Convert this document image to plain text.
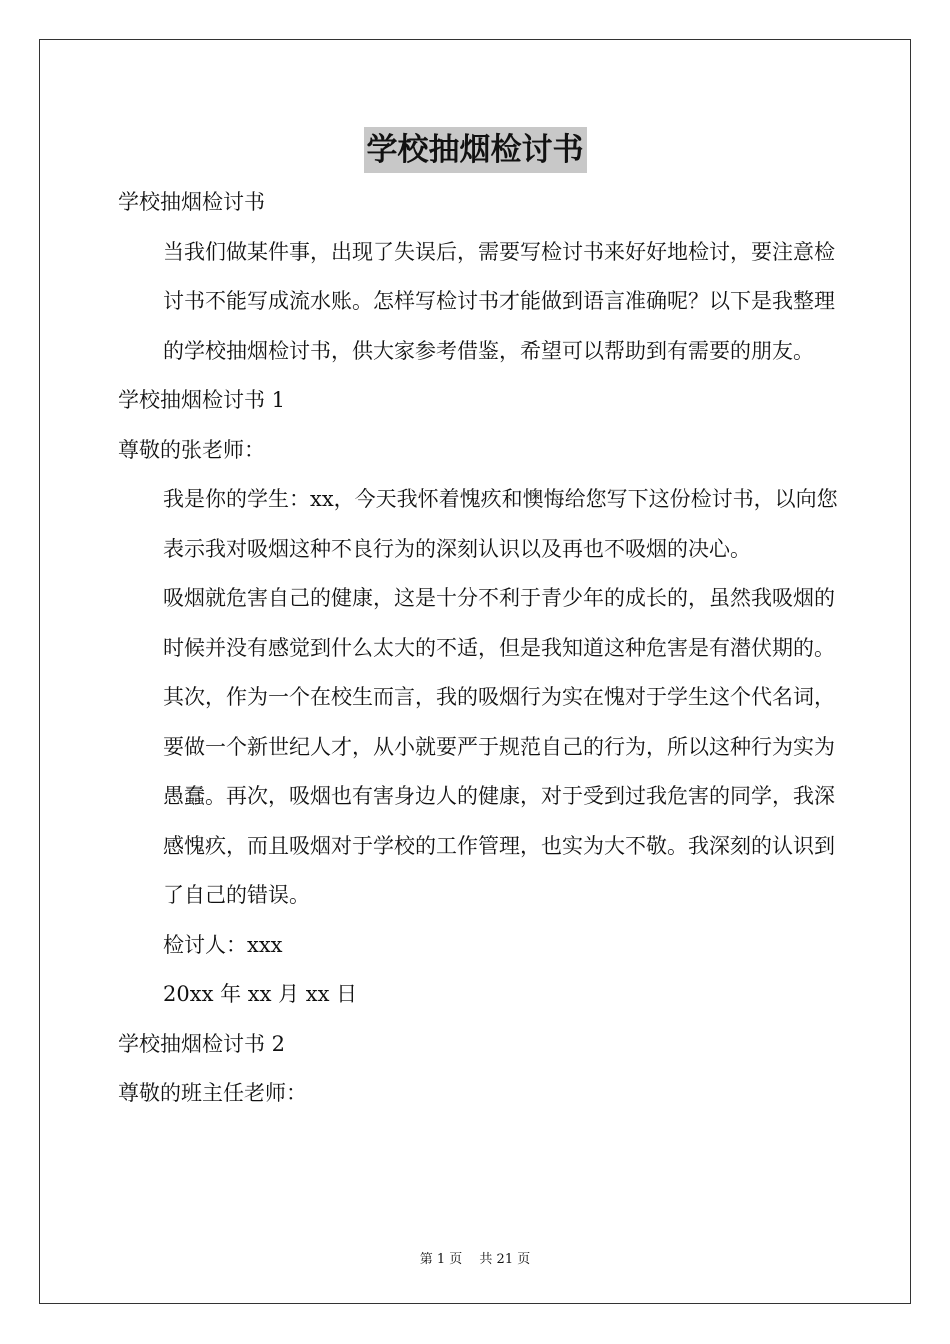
学校抽烟检讨书

学校抽烟检讨书

当我们做某件事，出现了失误后，需要写检讨书来好好地检讨，要注意检讨书不能写成流水账。怎样写检讨书才能做到语言准确呢？以下是我整理的学校抽烟检讨书，供大家参考借鉴，希望可以帮助到有需要的朋友。

学校抽烟检讨书 1

尊敬的张老师：

我是你的学生：xx，今天我怀着愧疚和懊悔给您写下这份检讨书，以向您表示我对吸烟这种不良行为的深刻认识以及再也不吸烟的决心。

吸烟就危害自己的健康，这是十分不利于青少年的成长的，虽然我吸烟的时候并没有感觉到什么太大的不适，但是我知道这种危害是有潜伏期的。其次，作为一个在校生而言，我的吸烟行为实在愧对于学生这个代名词，要做一个新世纪人才，从小就要严于规范自己的行为，所以这种行为实为愚蠢。再次，吸烟也有害身边人的健康，对于受到过我危害的同学，我深感愧疚，而且吸烟对于学校的工作管理，也实为大不敬。我深刻的认识到了自己的错误。

检讨人：xxx

20xx 年 xx 月 xx 日

学校抽烟检讨书 2

尊敬的班主任老师：

第 1 页　 共 21 页
